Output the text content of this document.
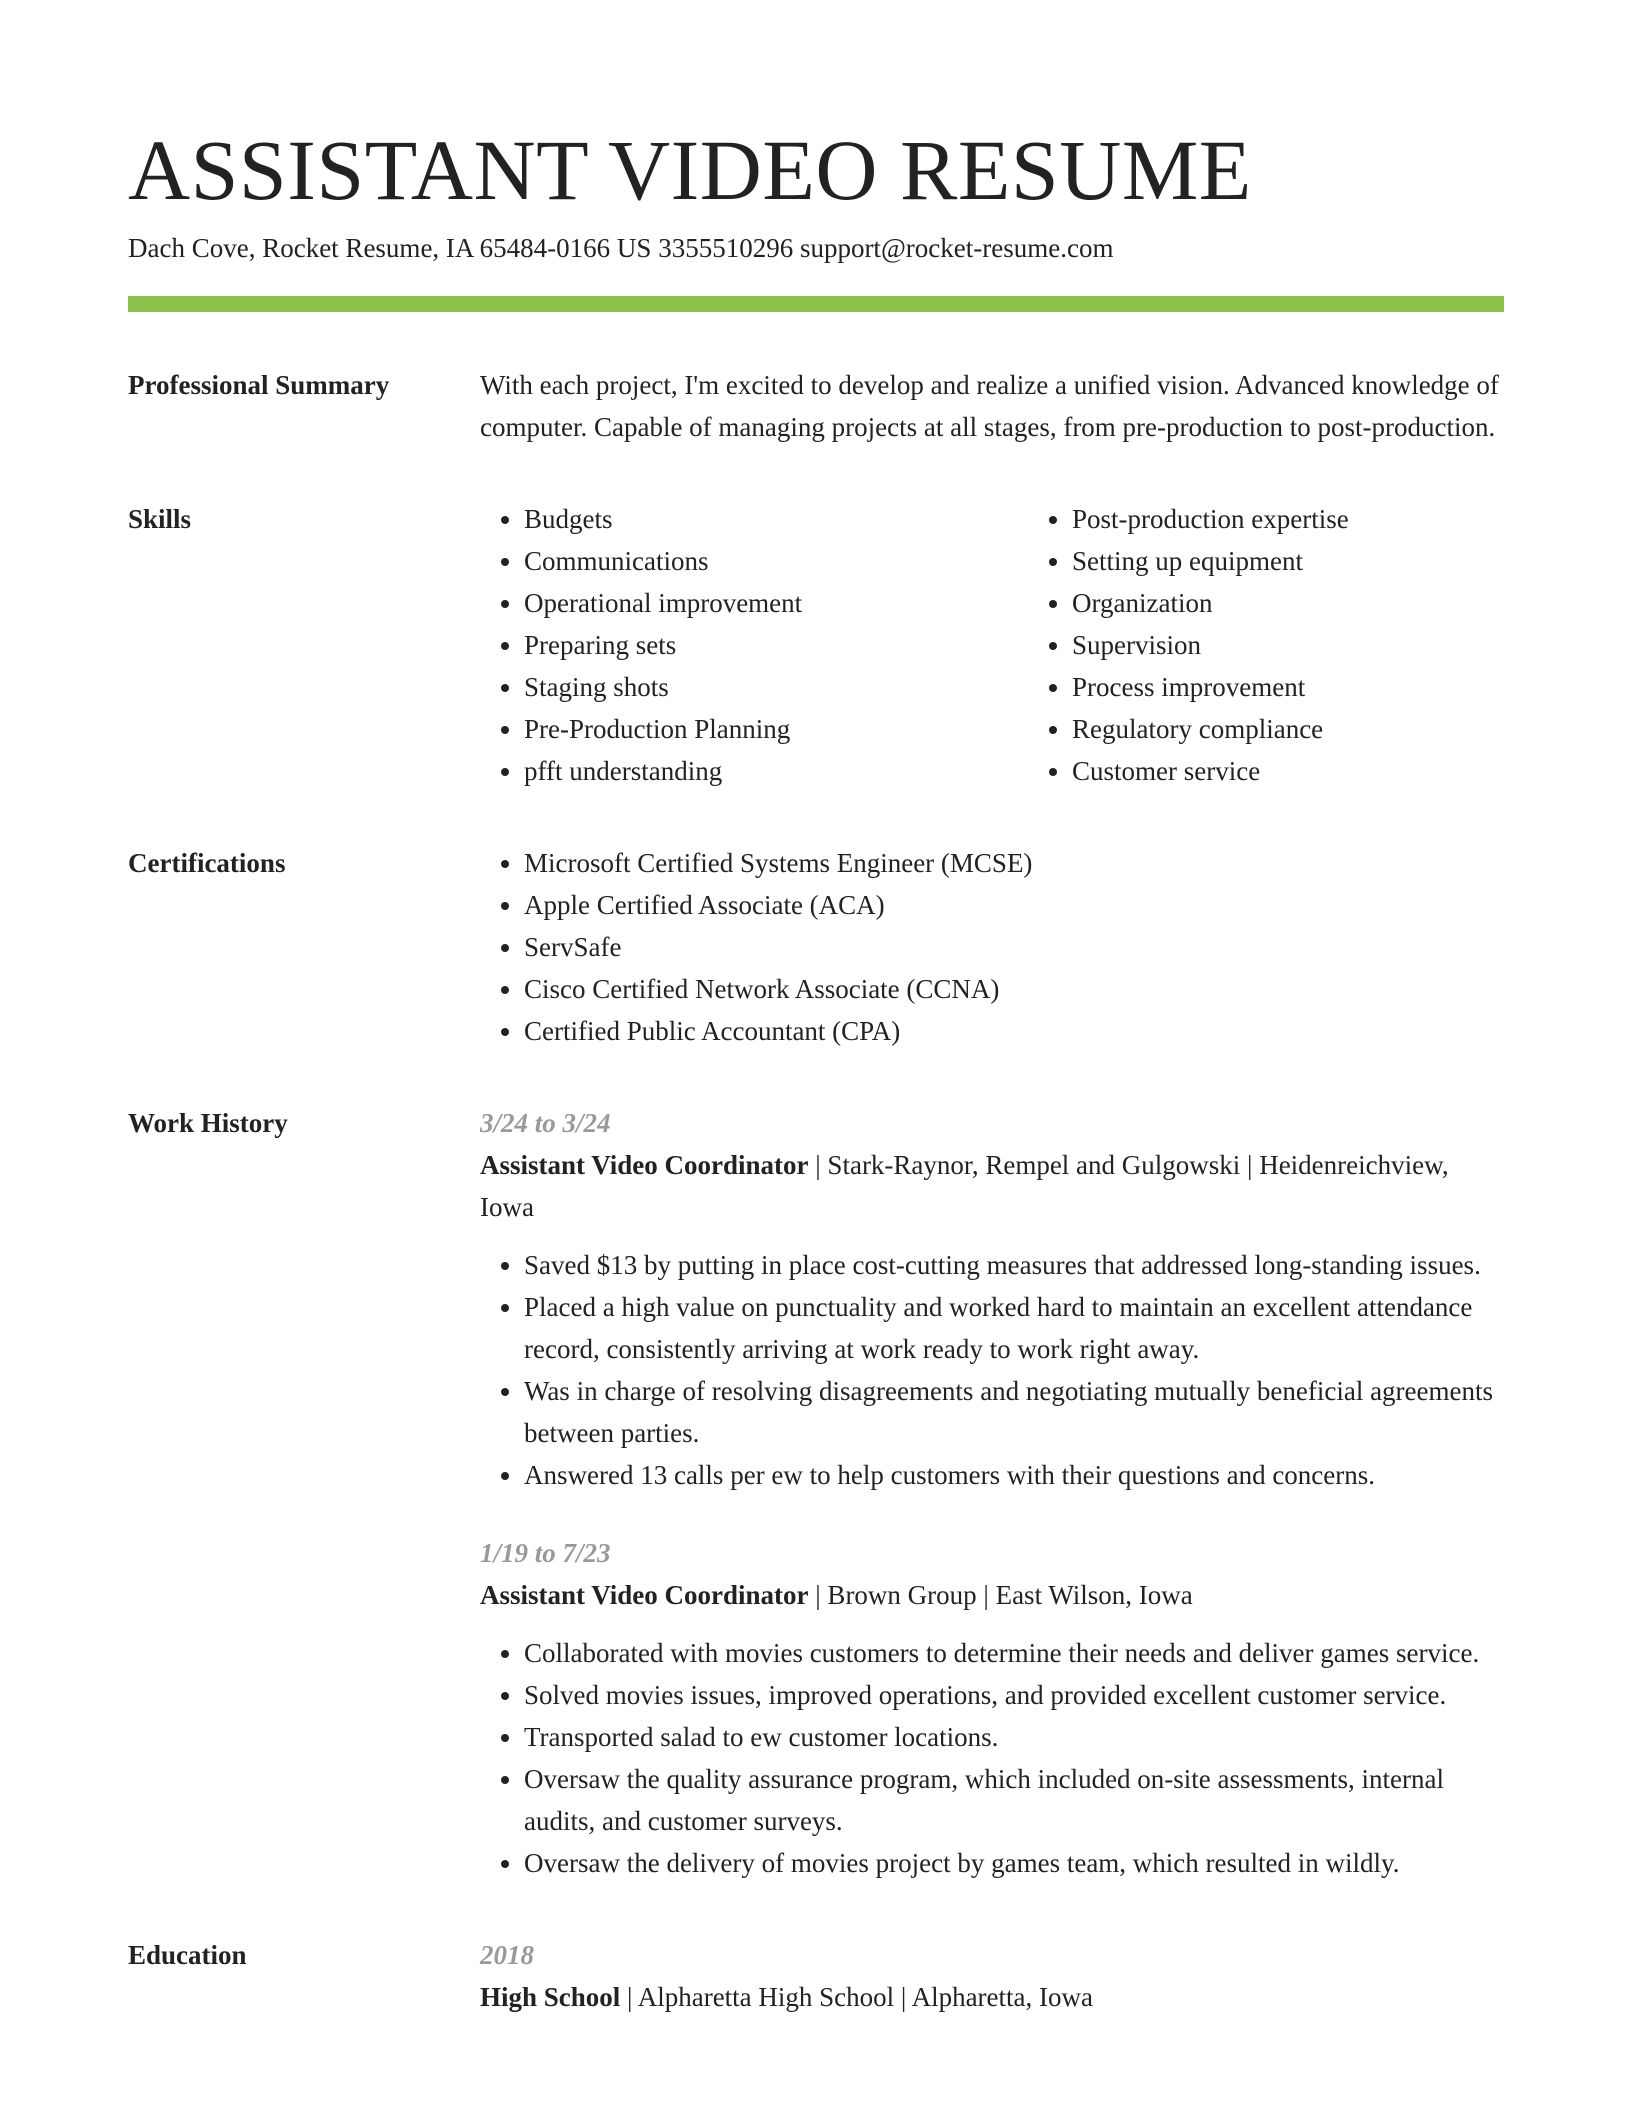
ASSISTANT VIDEO RESUME
Dach Cove, Rocket Resume, IA 65484-0166 US 3355510296 support@rocket-resume.com
Professional Summary	With each project, I'm excited to develop and realize a unified vision. Advanced knowledge of computer. Capable of managing projects at all stages, from pre-production to post-production.
Skills	• Budgets
• Communications
• Operational improvement
• Preparing sets
• Staging shots
• Pre-Production Planning
• pfft understanding
• Post-production expertise
• Setting up equipment
• Organization
• Supervision
• Process improvement
• Regulatory compliance
• Customer service
Certifications	• Microsoft Certified Systems Engineer (MCSE)
• Apple Certified Associate (ACA)
• ServSafe
• Cisco Certified Network Associate (CCNA)
• Certified Public Accountant (CPA)
Work History	3/24 to 3/24
Assistant Video Coordinator | Stark-Raynor, Rempel and Gulgowski | Heidenreichview, Iowa
• Saved $13 by putting in place cost-cutting measures that addressed long-standing issues.
• Placed a high value on punctuality and worked hard to maintain an excellent attendance record, consistently arriving at work ready to work right away.
• Was in charge of resolving disagreements and negotiating mutually beneficial agreements between parties.
• Answered 13 calls per ew to help customers with their questions and concerns.
1/19 to 7/23
Assistant Video Coordinator | Brown Group | East Wilson, Iowa
• Collaborated with movies customers to determine their needs and deliver games service.
• Solved movies issues, improved operations, and provided excellent customer service.
• Transported salad to ew customer locations.
• Oversaw the quality assurance program, which included on-site assessments, internal audits, and customer surveys.
• Oversaw the delivery of movies project by games team, which resulted in wildly.
Education	2018
High School | Alpharetta High School | Alpharetta, Iowa
